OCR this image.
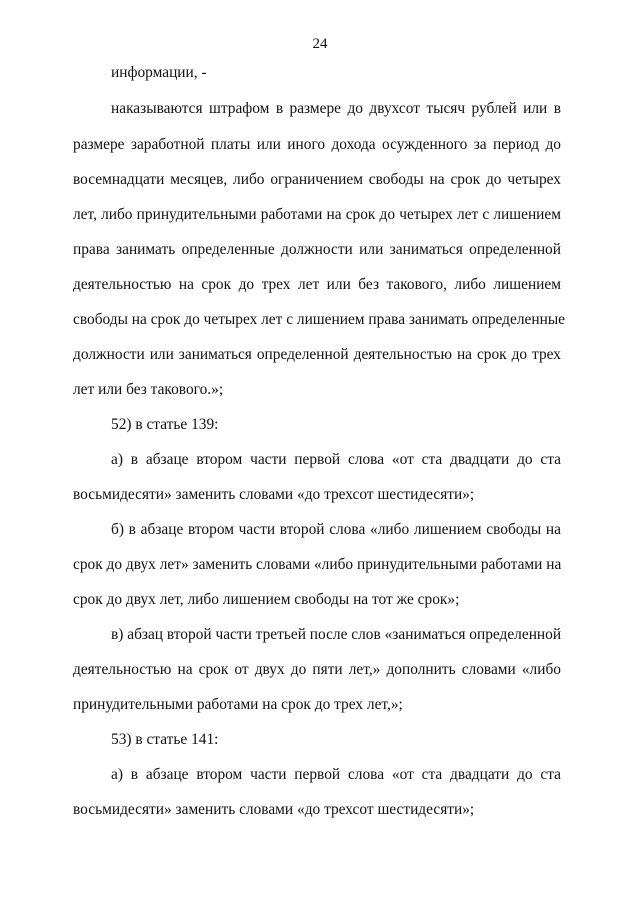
24
информации, -
наказываются штрафом в размере до двухсот тысяч рублей или в
размере заработной платы или иного дохода осужденного за период до
восемнадцати месяцев, либо ограничением свободы на срок до четырех
лет, либо принудительными работами на срок до четырех лет с лишением
права занимать определенные должности или заниматься определенной
деятельностью на срок до трех лет или без такового, либо лишением
свободы на срок до четырех лет с лишением права занимать определенные
должности или заниматься определенной деятельностью на срок до трех
лет или без такового.»;
52) в статье 139:
а) в абзаце втором части первой слова «от ста двадцати до ста
восьмидесяти» заменить словами «до трехсот шестидесяти»;
б) в абзаце втором части второй слова «либо лишением свободы на
срок до двух лет» заменить словами «либо принудительными работами на
срок до двух лет, либо лишением свободы на тот же срок»;
в) абзац второй части третьей после слов «заниматься определенной
деятельностью на срок от двух до пяти лет,» дополнить словами «либо
принудительными работами на срок до трех лет,»;
53) в статье 141:
а) в абзаце втором части первой слова «от ста двадцати до ста
восьмидесяти» заменить словами «до трехсот шестидесяти»;
